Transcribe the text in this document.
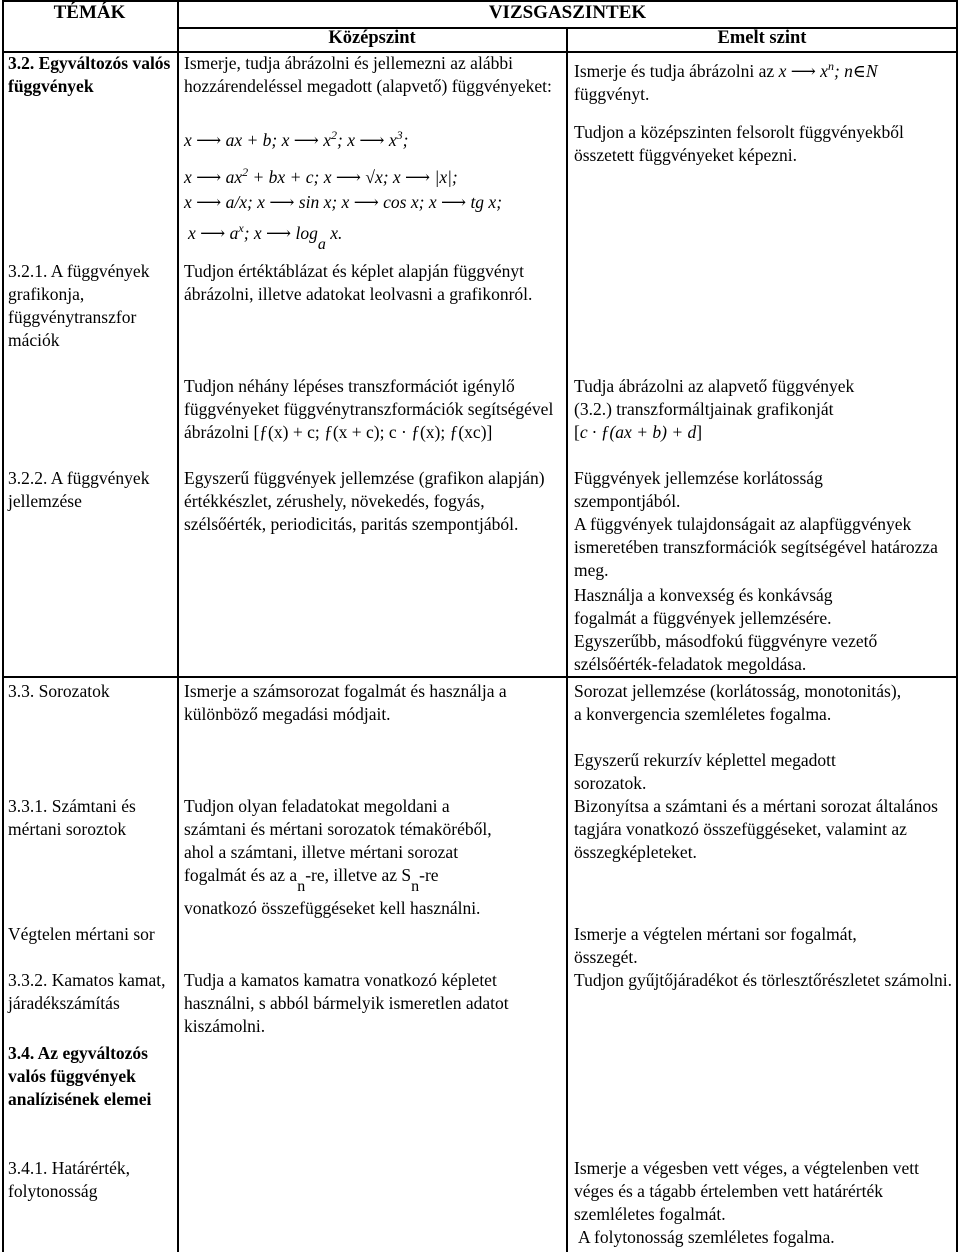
TÉMÁK	VIZSGASZINTEK
Középszint	Emelt szint
3.2. Egyváltozós valós függvények
3.2.1. A függvények grafikonja, függvénytranszfor mációk
3.2.2. A függvények jellemzése
3.3. Sorozatok
3.3.1. Számtani és mértani soroztok
Végtelen mértani sor
3.3.2. Kamatos kamat, járadékszámítás
3.4. Az egyváltozós valós függvények analízisének elemei
3.4.1. Határérték, folytonosság
Ismerje, tudja ábrázolni és jellemezni az alábbi hozzárendeléssel megadott (alapvető) függvényeket:
x ⟶ ax + b; x ⟶ $x^2$; x ⟶ $x^3$;
x ⟶ $ax^2$ + bx + c; x ⟶ √x; x ⟶ |x|;
x ⟶ a/x; x ⟶ sin x; x ⟶ cos x; x ⟶ tg x;
x ⟶ $a^x$; x ⟶ loga x.
Tudjon értéktáblázat és képlet alapján függvényt ábrázolni, illetve adatokat leolvasni a grafikonról.
Tudjon néhány lépéses transzformációt igénylő függvényeket függvénytranszformációk segítségével ábrázolni [ƒ(x) + c; ƒ(x + c); c · ƒ(x); ƒ(xc)]
Egyszerű függvények jellemzése (grafikon alapján) értékkészlet, zérushely, növekedés, fogyás, szélsőérték, periodicitás, paritás szempontjából.
Ismerje a számsorozat fogalmát és használja a különböző megadási módjait.
Tudjon olyan feladatokat megoldani a
számtani és mértani sorozatok témaköréből,
ahol a számtani, illetve mértani sorozat
fogalmát és az an-re, illetve az Sn-re
vonatkozó összefüggéseket kell használni.
Tudja a kamatos kamatra vonatkozó képletet használni, s abból bármelyik ismeretlen adatot kiszámolni.
Ismerje és tudja ábrázolni az x ⟶ $x^n$; n∈N
függvényt.
Tudjon a középszinten felsorolt függvényekből összetett függvényeket képezni.
Tudja ábrázolni az alapvető függvények
(3.2.) transzformáltjainak grafikonját
[c · ƒ(ax + b) + d]
Függvények jellemzése korlátosság szempontjából.
A függvények tulajdonságait az alapfüggvények ismeretében transzformációk segítségével határozza meg.
Használja a konvexség és konkávság fogalmát a függvények jellemzésére.
Egyszerűbb, másodfokú függvényre vezető szélsőérték-feladatok megoldása.
Sorozat jellemzése (korlátosság, monotonitás), a konvergencia szemléletes fogalma.
Egyszerű rekurzív képlettel megadott sorozatok.
Bizonyítsa a számtani és a mértani sorozat általános tagjára vonatkozó összefüggéseket, valamint az összegképleteket.
Ismerje a végtelen mértani sor fogalmát, összegét.
Tudjon gyűjtőjáradékot és törlesztőrészletet számolni.
Ismerje a végesben vett véges, a végtelenben vett véges és a tágabb értelemben vett határérték szemléletes fogalmát.
A folytonosság szemléletes fogalma.
